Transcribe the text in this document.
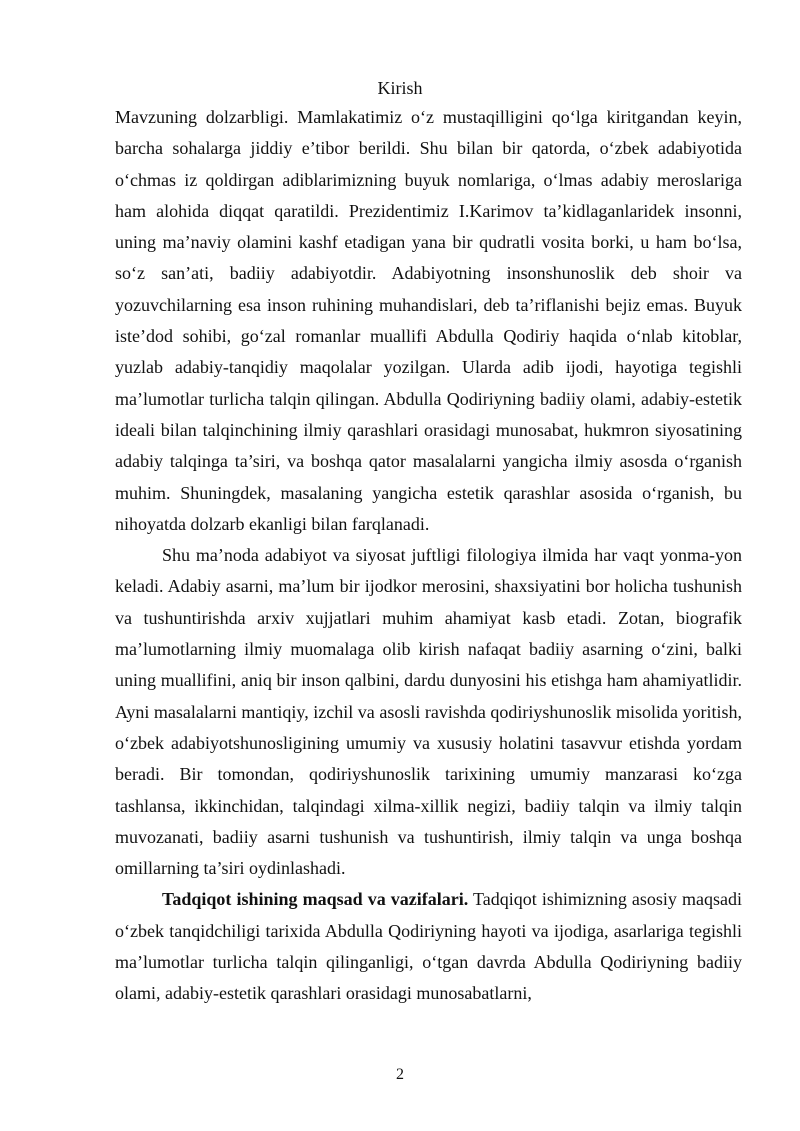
Kirish

Mavzuning dolzarbligi. Mamlakatimiz o‘z mustaqilligini qo‘lga kiritgandan keyin, barcha sohalarga jiddiy e’tibor berildi. Shu bilan bir qatorda, o‘zbek adabiyotida o‘chmas iz qoldirgan adiblarimizning buyuk nomlariga, o‘lmas adabiy meroslariga ham alohida diqqat qaratildi. Prezidentimiz I.Karimov ta’kidlaganlaridek insonni, uning ma’naviy olamini kashf etadigan yana bir qudratli vosita borki, u ham bo‘lsa, so‘z san’ati, badiiy adabiyotdir. Adabiyotning insonshunoslik deb shoir va yozuvchilarning esa inson ruhining muhandislari, deb ta’riflanishi bejiz emas. Buyuk iste’dod sohibi, go‘zal romanlar muallifi Abdulla Qodiriy haqida o‘nlab kitoblar, yuzlab adabiy-tanqidiy maqolalar yozilgan. Ularda adib ijodi, hayotiga tegishli ma’lumotlar turlicha talqin qilingan. Abdulla Qodiriyning badiiy olami, adabiy-estetik ideali bilan talqinchining ilmiy qarashlari orasidagi munosabat, hukmron siyosatining adabiy talqinga ta’siri, va boshqa qator masalalarni yangicha ilmiy asosda o‘rganish muhim. Shuningdek, masalaning yangicha estetik qarashlar asosida o‘rganish, bu nihoyatda dolzarb ekanligi bilan farqlanadi.

Shu ma’noda adabiyot va siyosat juftligi filologiya ilmida har vaqt yonma-yon keladi. Adabiy asarni, ma’lum bir ijodkor merosini, shaxsiyatini bor holicha tushunish va tushuntirishda arxiv xujjatlari muhim ahamiyat kasb etadi. Zotan, biografik ma’lumotlarning ilmiy muomalaga olib kirish nafaqat badiiy asarning o‘zini, balki uning muallifini, aniq bir inson qalbini, dardu dunyosini his etishga ham ahamiyatlidir. Ayni masalalarni mantiqiy, izchil va asosli ravishda qodiriyshunoslik misolida yoritish, o‘zbek adabiyotshunosligining umumiy va xususiy holatini tasavvur etishda yordam beradi. Bir tomondan, qodiriyshunoslik tarixining umumiy manzarasi ko‘zga tashlansa, ikkinchidan, talqindagi xilma-xillik negizi, badiiy talqin va ilmiy talqin muvozanati, badiiy asarni tushunish va tushuntirish, ilmiy talqin va unga boshqa omillarning ta’siri oydinlashadi.

Tadqiqot ishining maqsad va vazifalari. Tadqiqot ishimizning asosiy maqsadi o‘zbek tanqidchiligi tarixida Abdulla Qodiriyning hayoti va ijodiga, asarlariga tegishli ma’lumotlar turlicha talqin qilinganligi, o‘tgan davrda Abdulla Qodiriyning badiiy olami, adabiy-estetik qarashlari orasidagi munosabatlarni,

2
